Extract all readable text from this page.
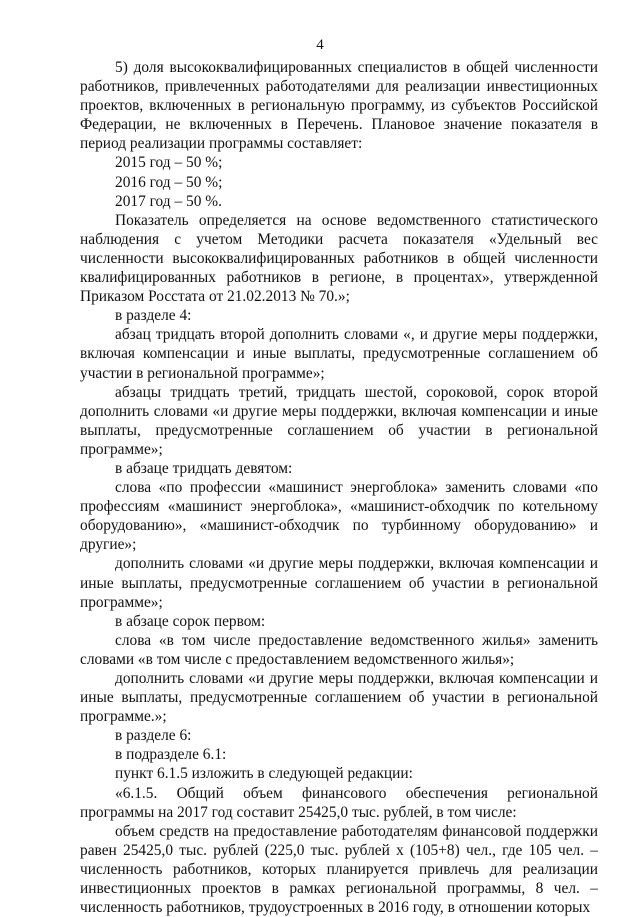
4

5) доля высококвалифицированных специалистов в общей численности работников, привлеченных работодателями для реализации инвестиционных проектов, включенных в региональную программу, из субъектов Российской Федерации, не включенных в Перечень. Плановое значение показателя в период реализации программы составляет:

2015 год – 50 %;

2016 год – 50 %;

2017 год – 50 %.

Показатель определяется на основе ведомственного статистического наблюдения с учетом Методики расчета показателя «Удельный вес численности высококвалифицированных работников в общей численности квалифицированных работников в регионе, в процентах», утвержденной Приказом Росстата от 21.02.2013 № 70.»;

в разделе 4:

абзац тридцать второй дополнить словами «, и другие меры поддержки, включая компенсации и иные выплаты, предусмотренные соглашением об участии в региональной программе»;

абзацы тридцать третий, тридцать шестой, сороковой, сорок второй дополнить словами «и другие меры поддержки, включая компенсации и иные выплаты, предусмотренные соглашением об участии в региональной программе»;

в абзаце тридцать девятом:

слова «по профессии «машинист энергоблока» заменить словами «по профессиям «машинист энергоблока», «машинист-обходчик по котельному оборудованию», «машинист-обходчик по турбинному оборудованию» и другие»;

дополнить словами «и другие меры поддержки, включая компенсации и иные выплаты, предусмотренные соглашением об участии в региональной программе»;

в абзаце сорок первом:

слова «в том числе предоставление ведомственного жилья» заменить словами «в том числе с предоставлением ведомственного жилья»;

дополнить словами «и другие меры поддержки, включая компенсации и иные выплаты, предусмотренные соглашением об участии в региональной программе.»;

в разделе 6:

в подразделе 6.1:

пункт 6.1.5 изложить в следующей редакции:

«6.1.5. Общий объем финансового обеспечения региональной программы на 2017 год составит 25425,0 тыс. рублей, в том числе:

объем средств на предоставление работодателям финансовой поддержки равен 25425,0 тыс. рублей (225,0 тыс. рублей х (105+8) чел., где 105 чел. – численность работников, которых планируется привлечь для реализации инвестиционных проектов в рамках региональной программы, 8 чел. – численность работников, трудоустроенных в 2016 году, в отношении которых
